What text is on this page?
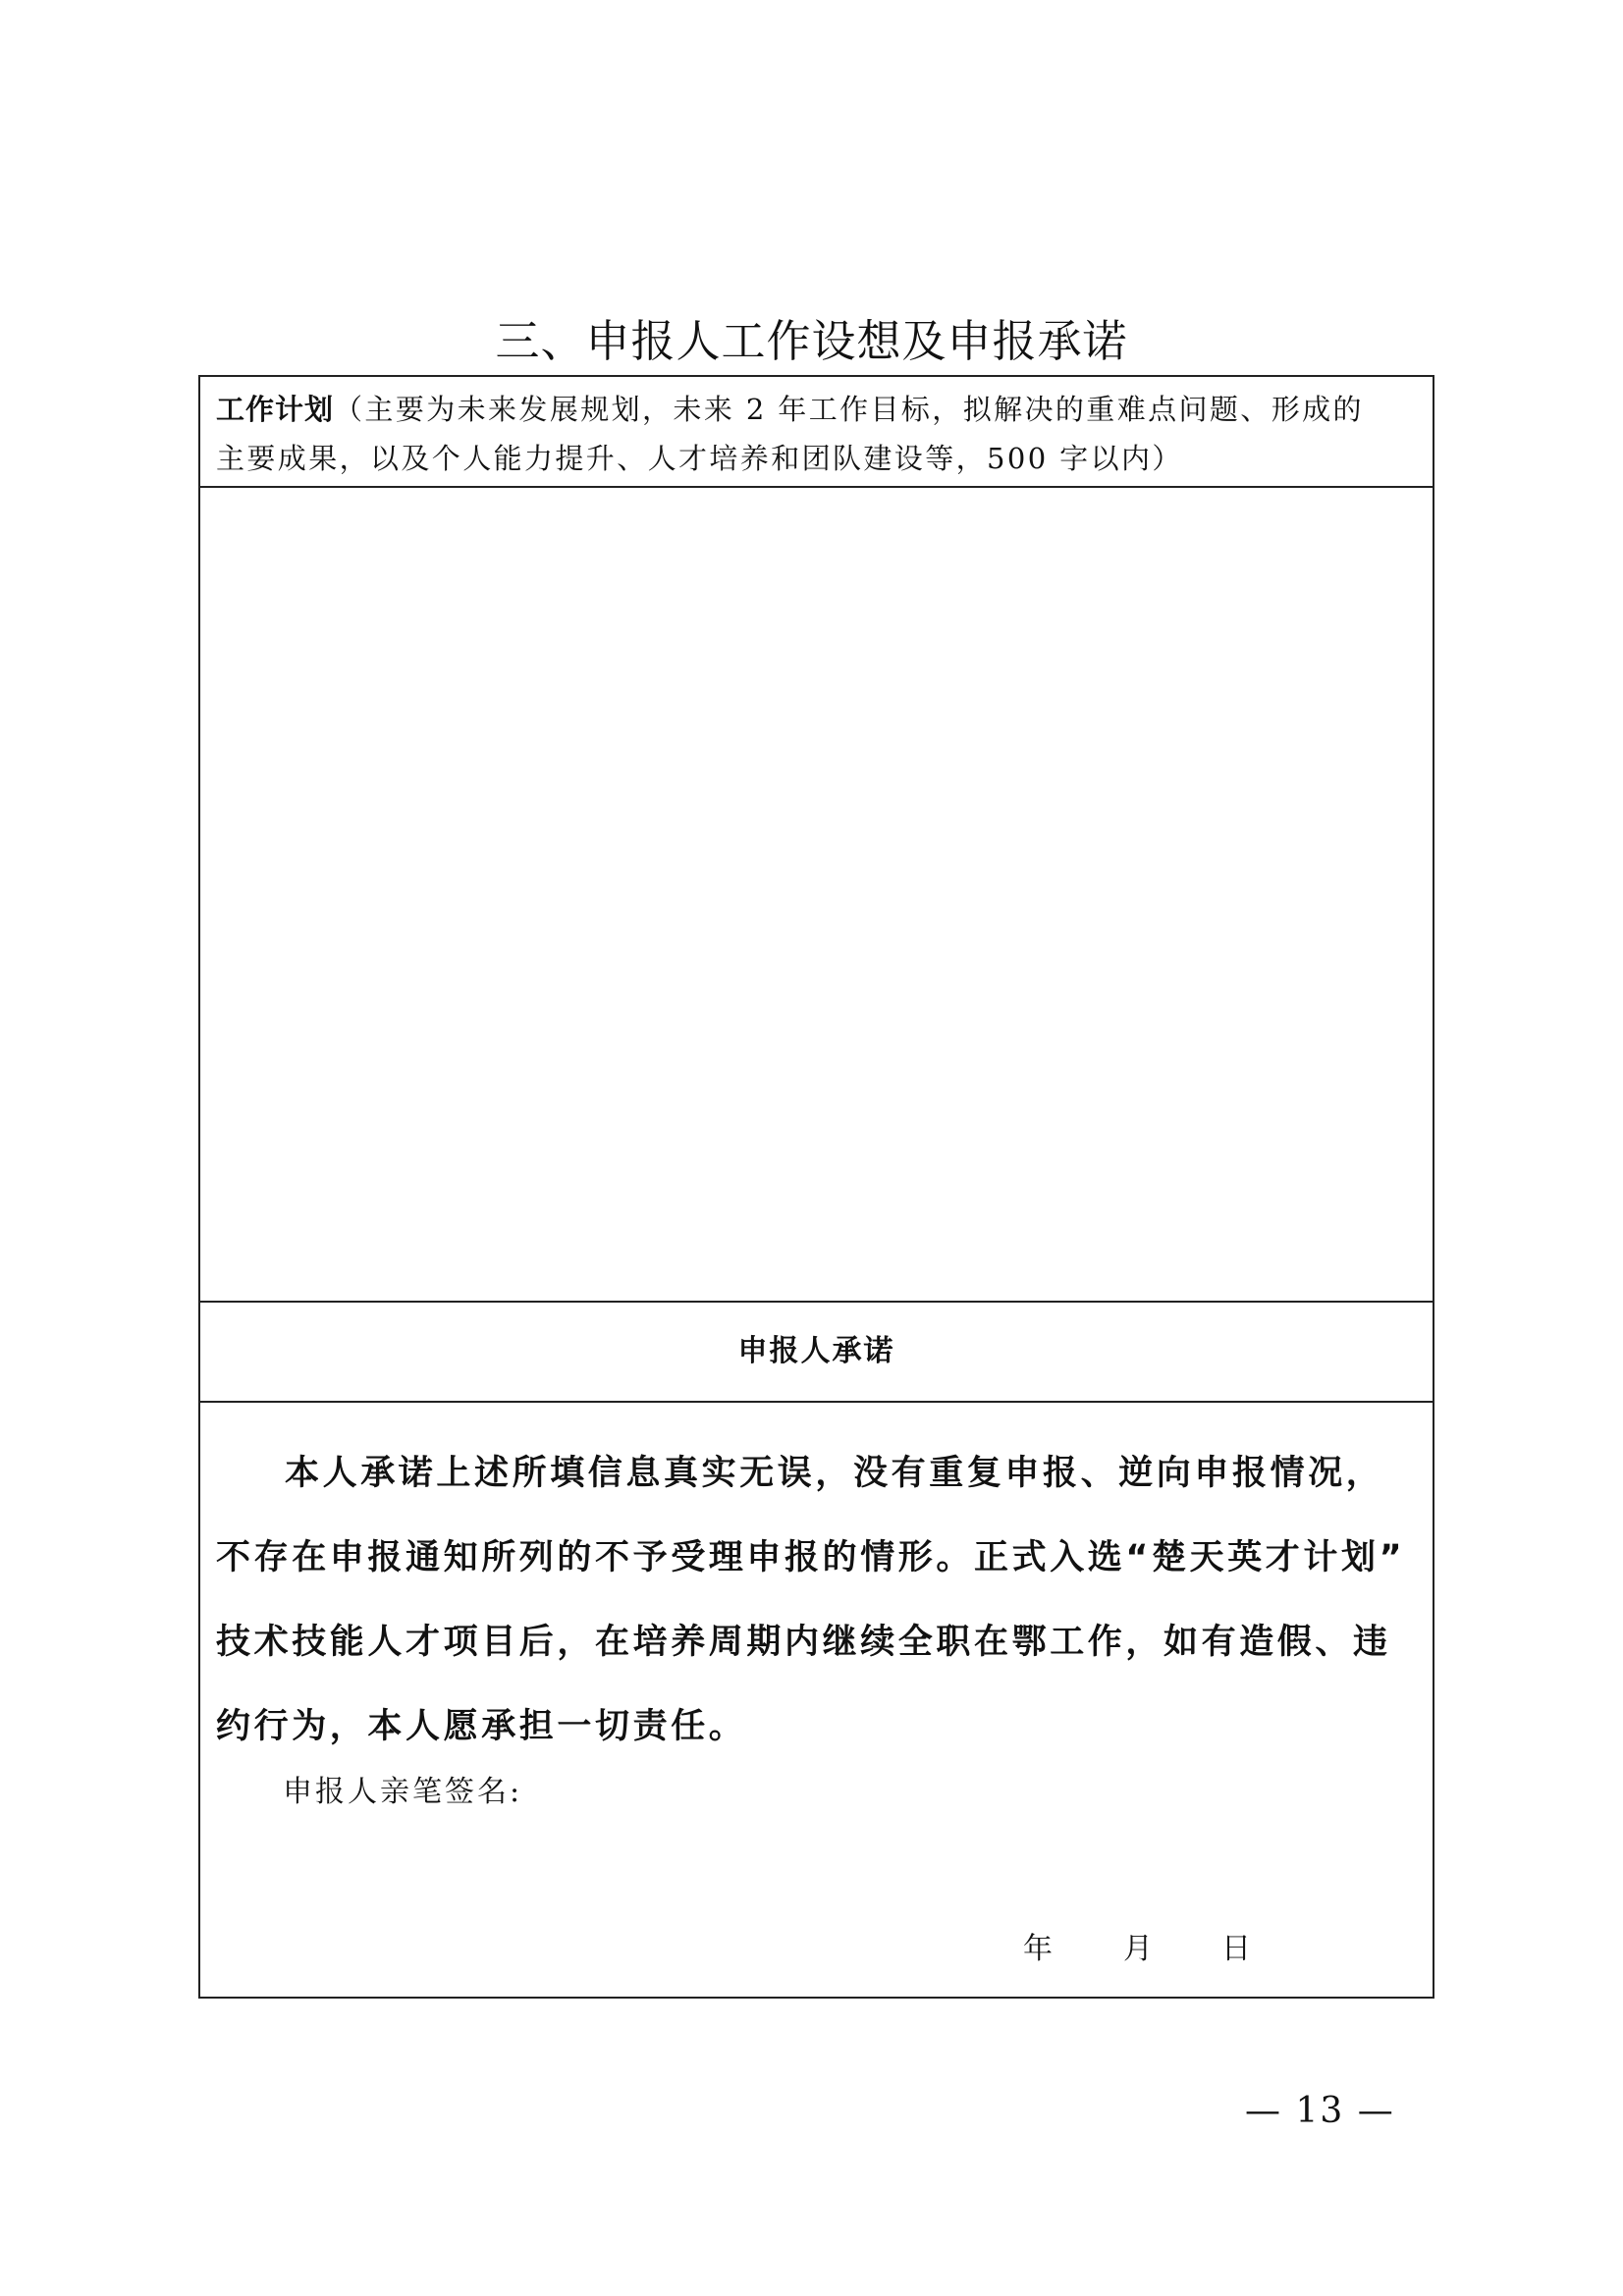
三、申报人工作设想及申报承诺
工作计划（主要为未来发展规划，未来 2 年工作目标，拟解决的重难点问题、形成的
主要成果，以及个人能力提升、人才培养和团队建设等，500 字以内）
申报人承诺
本人承诺上述所填信息真实无误，没有重复申报、逆向申报情况，
不存在申报通知所列的不予受理申报的情形。正式入选“楚天英才计划”
技术技能人才项目后，在培养周期内继续全职在鄂工作，如有造假、违
约行为，本人愿承担一切责任。
申报人亲笔签名:
年 月 日
— 13 —
